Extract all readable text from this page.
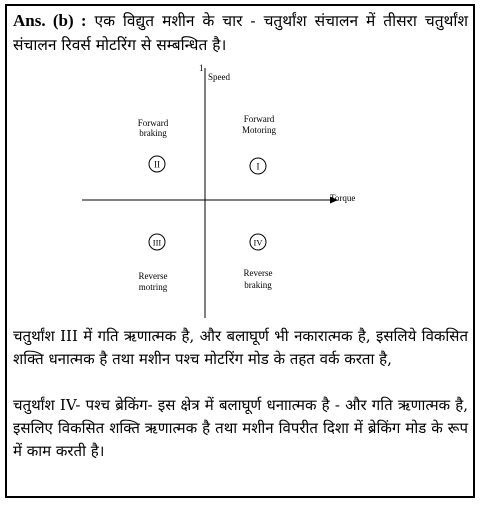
Ans. (b) : एक विद्युत मशीन के चार - चतुर्थांश संचालन में तीसरा चतुर्थांश संचालन रिवर्स मोटरिंग से सम्बन्धित है।
1
Speed
Torque
Forward
braking
II
Forward
Motoring
I
III
Reverse
motring
IV
Reverse
braking
चतुर्थांश III में गति ऋणात्मक है, और बलाघूर्ण भी नकारात्मक है, इसलिये विकसित शक्ति धनात्मक है तथा मशीन पश्च मोटरिंग मोड के तहत वर्क करता है,
चतुर्थांश IV- पश्च ब्रेकिंग- इस क्षेत्र में बलाघूर्ण धनाात्मक है - और गति ऋणात्मक है, इसलिए विकसित शक्ति ऋणात्मक है तथा मशीन विपरीत दिशा में ब्रेकिंग मोड के रूप में काम करती है।
